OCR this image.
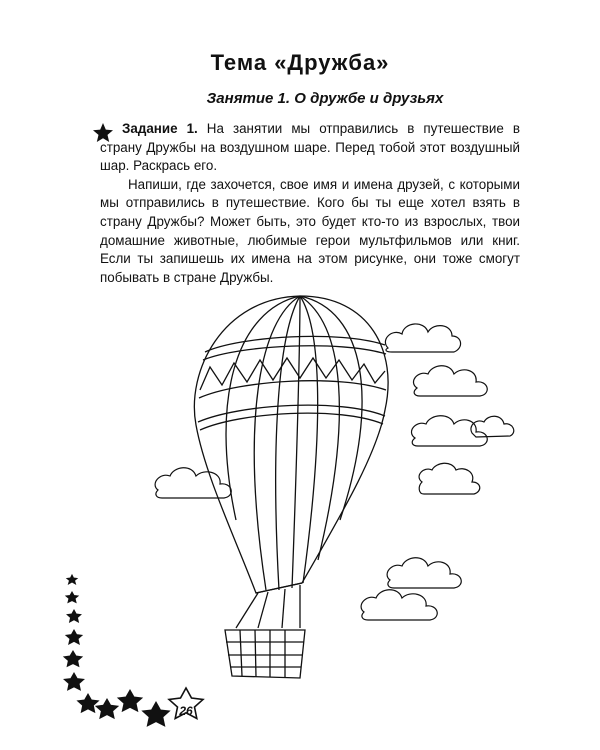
Тема «Дружба»
Занятие 1. О дружбе и друзьях

Задание 1. На занятии мы отправились в путешествие в страну Дружбы на воздушном шаре. Перед тобой этот воздушный шар. Раскрась его.

Напиши, где захочется, свое имя и имена друзей, с которыми мы отправились в путешествие. Кого бы ты еще хотел взять в страну Дружбы? Может быть, это будет кто-то из взрослых, твои домашние животные, любимые герои мультфильмов или книг. Если ты запишешь их имена на этом рисунке, они тоже смогут побывать в стране Дружбы.

26
